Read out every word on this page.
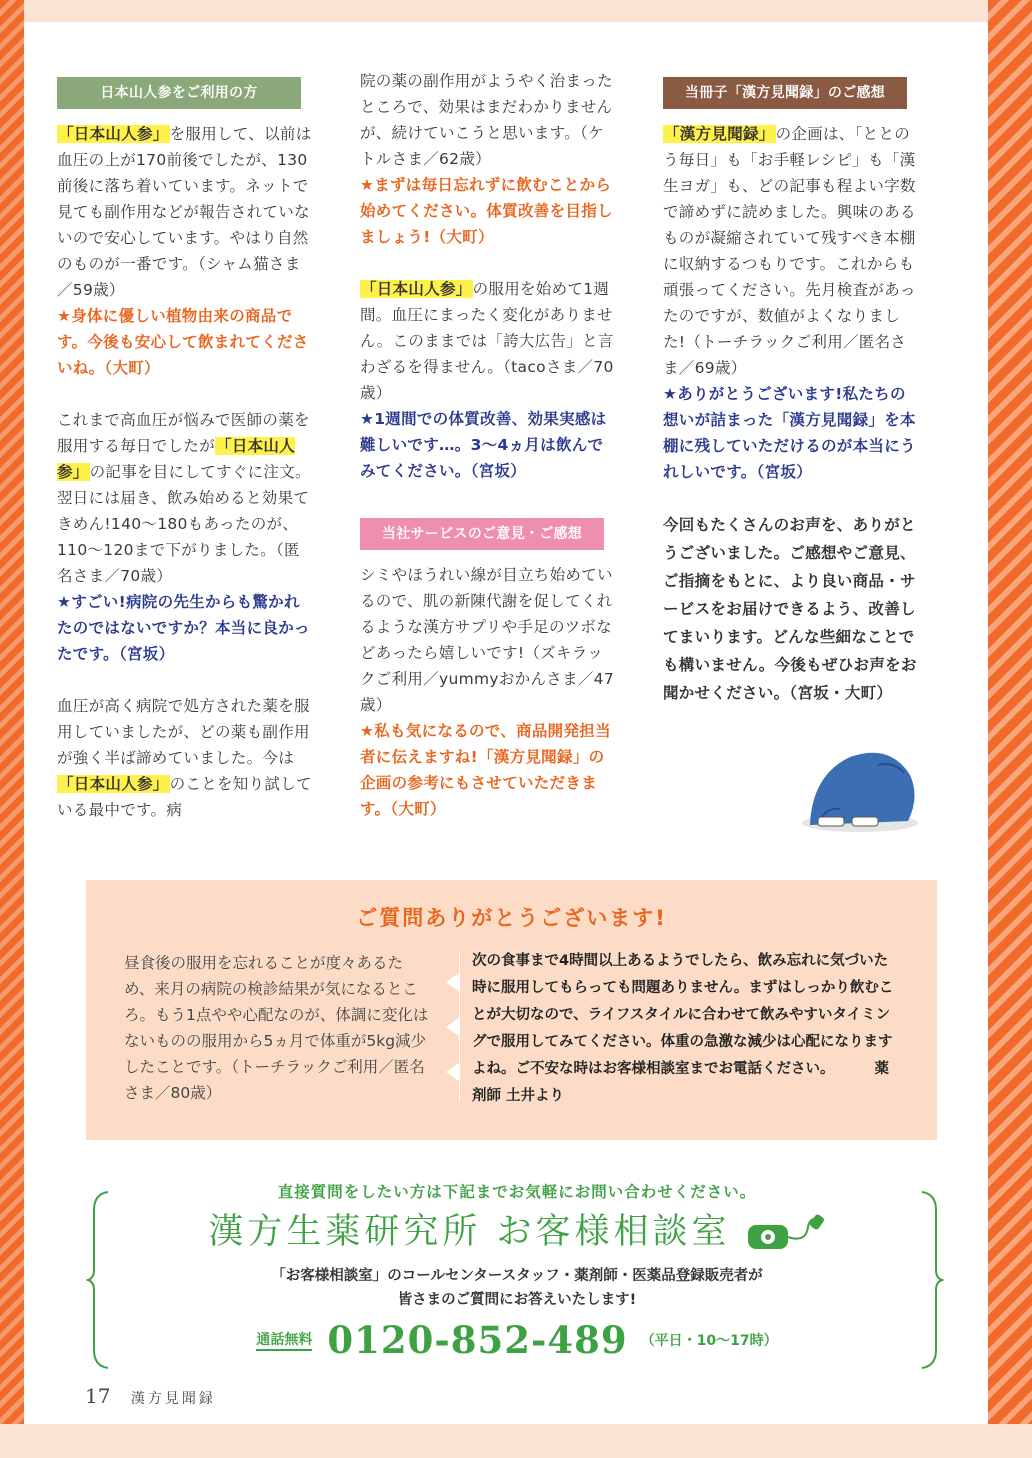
日本山人参をご利用の方
「日本山人参」を服用して、以前は血圧の上が170前後でしたが、130前後に落ち着いています。ネットで見ても副作用などが報告されていないので安心しています。やはり自然のものが一番です。（シャム猫さま／59歳）
★身体に優しい植物由来の商品です。今後も安心して飲まれてくださいね。（大町）
これまで高血圧が悩みで医師の薬を服用する毎日でしたが「日本山人参」の記事を目にしてすぐに注文。翌日には届き、飲み始めると効果てきめん!140～180もあったのが、110～120まで下がりました。（匿名さま／70歳）
★すごい!病院の先生からも驚かれたのではないですか？本当に良かったです。（宮坂）
血圧が高く病院で処方された薬を服用していましたが、どの薬も副作用が強く半ば諦めていました。今は「日本山人参」のことを知り試している最中です。病
院の薬の副作用がようやく治まったところで、効果はまだわかりませんが、続けていこうと思います。（ケトルさま／62歳）
★まずは毎日忘れずに飲むことから始めてください。体質改善を目指しましょう!（大町）
「日本山人参」の服用を始めて1週間。血圧にまったく変化がありません。このままでは「誇大広告」と言わざるを得ません。（tacoさま／70歳）
★1週間での体質改善、効果実感は難しいです…。3～4ヵ月は飲んでみてください。（宮坂）
当社サービスのご意見・ご感想
シミやほうれい線が目立ち始めているので、肌の新陳代謝を促してくれるような漢方サプリや手足のツボなどあったら嬉しいです!（ズキラックご利用／yummyおかんさま／47歳）
★私も気になるので、商品開発担当者に伝えますね!「漢方見聞録」の企画の参考にもさせていただきます。（大町）
当冊子「漢方見聞録」のご感想
「漢方見聞録」の企画は、「ととのう毎日」も「お手軽レシピ」も「漢生ヨガ」も、どの記事も程よい字数で諦めずに読めました。興味のあるものが凝縮されていて残すべき本棚に収納するつもりです。これからも頑張ってください。先月検査があったのですが、数値がよくなりました!（トーチラックご利用／匿名さま／69歳）
★ありがとうございます!私たちの想いが詰まった「漢方見聞録」を本棚に残していただけるのが本当にうれしいです。（宮坂）
今回もたくさんのお声を、ありがとうございました。ご感想やご意見、ご指摘をもとに、より良い商品・サービスをお届けできるよう、改善してまいります。どんな些細なことでも構いません。今後もぜひお声をお聞かせください。（宮坂・大町）
ご質問ありがとうございます!
昼食後の服用を忘れることが度々あるため、来月の病院の検診結果が気になるところ。もう1点やや心配なのが、体調に変化はないものの服用から5ヵ月で体重が5kg減少したことです。（トーチラックご利用／匿名さま／80歳）
次の食事まで4時間以上あるようでしたら、飲み忘れに気づいた時に服用してもらっても問題ありません。まずはしっかり飲むことが大切なので、ライフスタイルに合わせて飲みやすいタイミングで服用してみてください。体重の急激な減少は心配になりますよね。ご不安な時はお客様相談室までお電話ください。	薬剤師 土井より
直接質問をしたい方は下記までお気軽にお問い合わせください。
漢方生薬研究所 お客様相談室
「お客様相談室」のコールセンタースタッフ・薬剤師・医薬品登録販売者が
皆さまのご質問にお答えいたします!
通話無料 0120-852-489 （平日・10～17時）
17 漢方見聞録
